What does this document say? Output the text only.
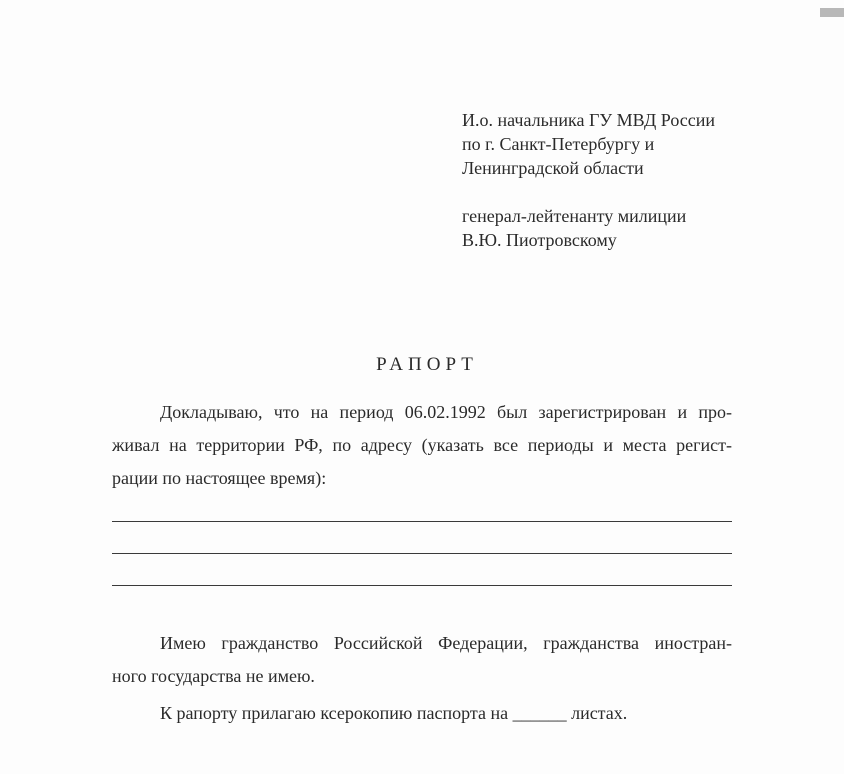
И.о. начальника ГУ МВД России
по г. Санкт-Петербургу и
Ленинградской области
генерал-лейтенанту милиции
В.Ю. Пиотровскому
РАПОРТ
Докладываю, что на период 06.02.1992 был зарегистрирован и про-
живал на территории РФ, по адресу (указать все периоды и места регист-
рации по настоящее время):
Имею гражданство Российской Федерации, гражданства иностран-
ного государства не имею.
К рапорту прилагаю ксерокопию паспорта на ______ листах.
